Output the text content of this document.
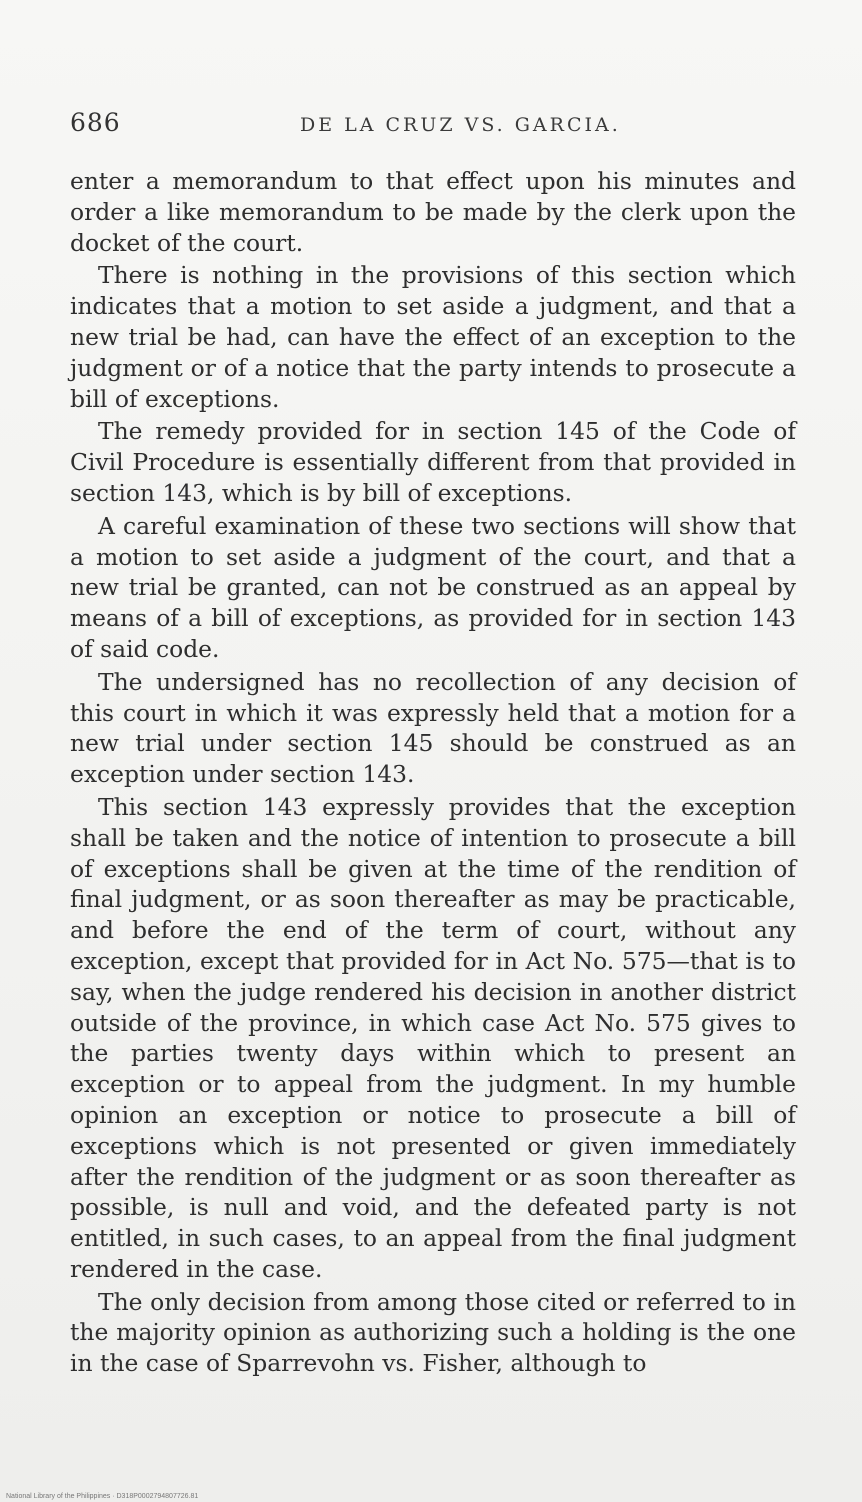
686	DE LA CRUZ VS. GARCIA.

enter a memorandum to that effect upon his minutes and order a like memorandum to be made by the clerk upon the docket of the court.

There is nothing in the provisions of this section which indicates that a motion to set aside a judgment, and that a new trial be had, can have the effect of an exception to the judgment or of a notice that the party intends to prosecute a bill of exceptions.

The remedy provided for in section 145 of the Code of Civil Procedure is essentially different from that provided in section 143, which is by bill of exceptions.

A careful examination of these two sections will show that a motion to set aside a judgment of the court, and that a new trial be granted, can not be construed as an appeal by means of a bill of exceptions, as provided for in section 143 of said code.

The undersigned has no recollection of any decision of this court in which it was expressly held that a motion for a new trial under section 145 should be construed as an exception under section 143.

This section 143 expressly provides that the exception shall be taken and the notice of intention to prosecute a bill of exceptions shall be given at the time of the rendition of final judgment, or as soon thereafter as may be practicable, and before the end of the term of court, without any exception, except that provided for in Act No. 575—that is to say, when the judge rendered his decision in another district outside of the province, in which case Act No. 575 gives to the parties twenty days within which to present an exception or to appeal from the judgment. In my humble opinion an exception or notice to prosecute a bill of exceptions which is not presented or given immediately after the rendition of the judgment or as soon thereafter as possible, is null and void, and the defeated party is not entitled, in such cases, to an appeal from the final judgment rendered in the case.

The only decision from among those cited or referred to in the majority opinion as authorizing such a holding is the one in the case of Sparrevohn vs. Fisher, although to

National Library of the Philippines · D318P0002794807726.81
